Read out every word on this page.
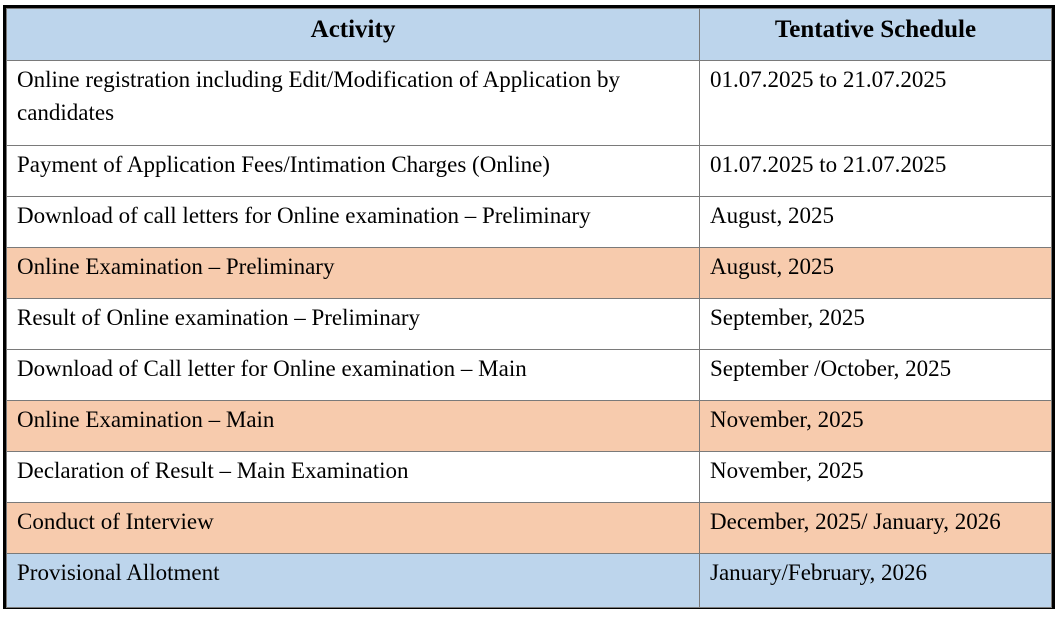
Activity	Tentative Schedule
Online registration including Edit/Modification of Application by candidates	01.07.2025 to 21.07.2025
Payment of Application Fees/Intimation Charges (Online)	01.07.2025 to 21.07.2025
Download of call letters for Online examination – Preliminary	August, 2025
Online Examination – Preliminary	August, 2025
Result of Online examination – Preliminary	September, 2025
Download of Call letter for Online examination – Main	September /October, 2025
Online Examination – Main	November, 2025
Declaration of Result – Main Examination	November, 2025
Conduct of Interview	December, 2025/ January, 2026
Provisional Allotment	January/February, 2026
